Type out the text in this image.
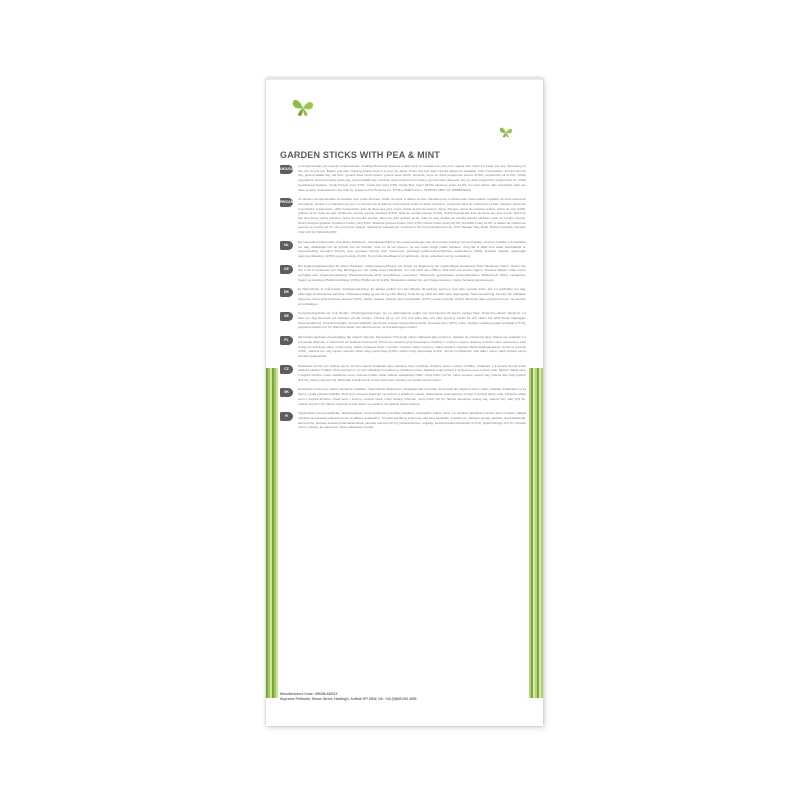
GARDEN STICKS WITH PEA & MINT
UK/USA
A complementary pet treat for small animals. Feeding Directions: Feed as a tasty treat to complement your pet's regular diet. Allow 1-2 treats per day, depending on the size of your pet. Before and after opening please store in a cool, dry place. Fresh hay and water should always be available. (UK) Composition: Ground timothy hay, ground alfalfa hay, oat flour, ground dried locust beans, ground peas (10%), linseeds, soya oil, dried peppermint leaves (0.5%), peppermint oil (0.2%). (USA) Ingredients: Ground timothy grass hay, ground alfalfa hay, oat flour, ground dried locust beans, ground peas, flaxseed, soy oil, dried peppermint, peppermint oil. (USA) Guaranteed Analysis: Crude Protein (min) 8.0%, Crude Fat (min) 2.5%, Crude fibre (max) 25.0%, Moisture (max) 11.0%. For best before date and batch code see base of pack. Guaranteed in the USA by: Supreme Pet Products Inc. PO Box 3682 Tucson, AZ 85751-3682 US: 18558232415
FR/CAN
Un aliment complémentaire et friandise pour petits animaux. Mode d'emploi: A utiliser comme friandise pour complémenter l'alimentation régulière de votre animal de compagnie. Donner 1-2 friandises par jour, en fonction de la taille de votre animal. Avant et après ouverture, conserver dans un endroit sec et frais. Toujours laisser de l'eau fraîche à disposition. (FR) Composition: Foin de fléole des prés moulu, farine de foin de luzerne, farine d'avoine, farine de caroube séchée, farine de pois (10%), graines de lin, huile de soja, feuilles de menthe poivrée séchées (0,5%), huile de menthe poivrée (0,2%). (CAN) Ingrédients: Foin de fléole des prés moulu, farine de foin de luzerne, farine d'avoine, farine de caroube séchée, farine de pois, graines de lin, huile de soja, feuilles de menthe poivrée séchées, huile de menthe poivrée. (CAN) Analyse garantie: Protéines brutes (min) 8,0%, Matières grasses brutes (min) 2,5%, Fibres brutes (max) 25,0%, Humidité (max) 11,0%. A utiliser de préférence avant le et numéro de lot, voir au fond du paquet. Garanti au Canada par: Jamieson's Pet Food Distributors Ltd, 7479 Vantage Way, Delta, British Columbia, Canada, V4G 1C9 Tel: 604-940-9780
NL
Een aanvullend diervoeder voor kleine huisdieren. Gebruiksaanwijzing: Als snack toevoegen aan de normale voeding van uw huisdier. Geef uw huisdier 1-2 traktaties per dag, afhankelijk van de grootte van uw huisdier. Voor en na het openen, op een koele droge plaats bewaren. Zorg dat er altijd vers water beschikbaar is. Samenstelling: Gemalen Timothy hooi, gemalen luzerne hooi, haverresol, gedroogd johannesbroodpitmeel, erwtenbloem (10%), lijnzaad, sojaolie, gedroogde pepermuntbladeren (0,5%), pepermuntolie (0,2%). Ten minste houdbaar tot & batchcode: zie de onderkant van de verpakking.
DE
Ein Ergänzungsfuttermittel für kleine Haustiere. Fütterungsempfehlung: Als Snack zur Ergänzung der regelmäßigen Ernährung Ihres Haustieres füttern. Geben Sie ihm 1 bis 2 Leckereien pro Tag, abhängig von der Größe Ihres Haustieres. Vor und nach dem Öffnen, bitte kühl und trocken lagern. Frisches Wasser sollte immer verfügbar sein. Zusammensetzung: Wiesenlieschgras Mehl, gemahlenes Luzerneheu, Hafermehl, getrockneten Johannisbrotkern, Erbsenmehl (10%), Leinsamen, Sojaöl, getrocknete Pfefferminzblätter (0,5%), Pfefferminzöl (0,2%). Mindestens haltbar bis und Chargennummer: siehe Verpackungsunterseite.
DK
Et tilskudsfoder til små husdyr. Fodringsvejledning: En lækker godbid som kan tilbydes dit kæledyr sammen med dets normale foder. Giv 1-2 godbidder per dag, afhængigt af kæledyrets størrelse. Opbevares køligt og tørt før og efter åbning. Frisk hø og vand bør altid være tilgængeligt. Sammensætning: Timothy hø, alfalfahø, havremel, tørret johannesbrød, ærtemel (10%), hørfrø, sojaolie, tørrede pebermynteblade (0,5%), pebermynteolie (0,2%). Bedst før dato og batchnummer: Se bunden af emballagen.
SE
Kompletteringsfoder för små husdjur. Utfodringsanvisningar: Ge en välsmakande godbit som komplement till djurets vanliga foder. Rekommenderad mängd är 1-2 bitar per dag beroende på storleken på ditt husdjur. Förvara på en torr och sval plats före och efter öppning. Färskt hö och vatten bör alltid finnas tillgängligt. Sammansättning: Krossat timotejhö, krossat alfalfahö, havremjöl, krossat torkat johannesbröd, krossade ärtor (10%), linfrö, sojaolja, torkade pepparmyntsblad (0,5 %), pepparmyntsolja (0,2 %). Bäst före datum och batchnummer, se förpackningens botten.
PL
Mieszanka paszowa uzupełniająca dla małych zwierząt. Stosowanie: Przysmak należy traktować jako smaczne, dodatek do codziennej diety. Zaleca się podawać 1-2 przysmaki dziennie, w zależności od wielkości zwierzęcia. Przed i po otwarciu przechowywać w chłodnym i suchym miejscu. Zwierzę powinno mieć zapewniony stały dostęp do świeżego siana i wody pitnej. Skład: Zmielone siano z tymotki, zmielone siano z lucerny, mąka owsiana, mączka chleba świętojańskiego, zmielony groszek (10%), nasiona lnu, olej sojowy, suszone liście mięty pieprzowej (0,5%), olejek mięty pieprzowej (0,2%). Termin przydatności oraz data i numer partii podane są na spodzie opakowania.
CZ
Doplňkové krmivo pro drobné savce. Krmení návod: Podávejte jako pamlsek, který doplňuje obvyklou stravu vašeho zvířátka. Podávejte 1-2 kousky denně podle velikosti vašeho zvířátka. Před otevřením i po něm skladujte na suchém a chladném místě. Zajistěte trvalý přístup k čerstvému seno a pitné vodě. Složení: Mleté seno z bojínku lučního, mleté vojtěškové seno, ovesná mouka, mleté sušené svatojánský chléb, mletý hrách (10 %), lněné semeno, sójový olej, sušené listy máty peprné (0,5 %), mátový olej (0,2 %). Minimální trvanlivost do a číslo šarže jsou uvedeny na spodní straně balení.
SK
Doplnkové krmivo pre malých domácich miláčikov. Odporúčané dávkovanie: Podávajte ako pochúťku, ktorá slúži ako doplnok stravy vášho miláčika. Podávajte 1-2 ks denne, podľa veľkosti miláčika. Pred aj po otvorení skladujte na suchom a chladnom mieste. Zabezpečte neobmedzený prístup k čerstvej pitnej vode. Zloženie: Mleté seno z bojínka lúčneho, mleté seno z lucerny, ovsená múka, mletý sušený rohovník, mletý hrach (10 %), ľanové semienka, sójový olej, sušené listy mäty (0,5 %), mätový olej (0,2 %). Dátum spotreby a číslo šarže sú uvedené na spodnej strane balenia.
FI
Täydentävä rehu pieneläimille. Ruokintaohjeet: Anna herkkuna lemmikkisi tavallisen ruokavalion lisänä. Anna 1-2 herkkua päivässä lemmikin koon mukaan. Säilytä viileässä ja kuivassa paikassa ennen ja jälkeen avaamisen. Tuoretta heinää ja vettä tulee olla aina saatavilla. Koostumus: Jauhettu timotei, jauhettu sinimailasheinä, kauraj auho, jauhettu kuivattu johanneksenleipä, jauhetut herneet (10 %), pellavansiemen, soijaöljy, kuivatut piparminttulehdet (0,5 %), piparminttuöljy (0,2 %). Parasta ennen -päiväys ja eränumero: katso pakkauksen pohja.
Manufacturers Code: GB296 ADS13
Supreme Petfoods, Stowe Street, Hadleigh, Suffolk IP7 6DW, UK. +44 (0)845 054 3550
